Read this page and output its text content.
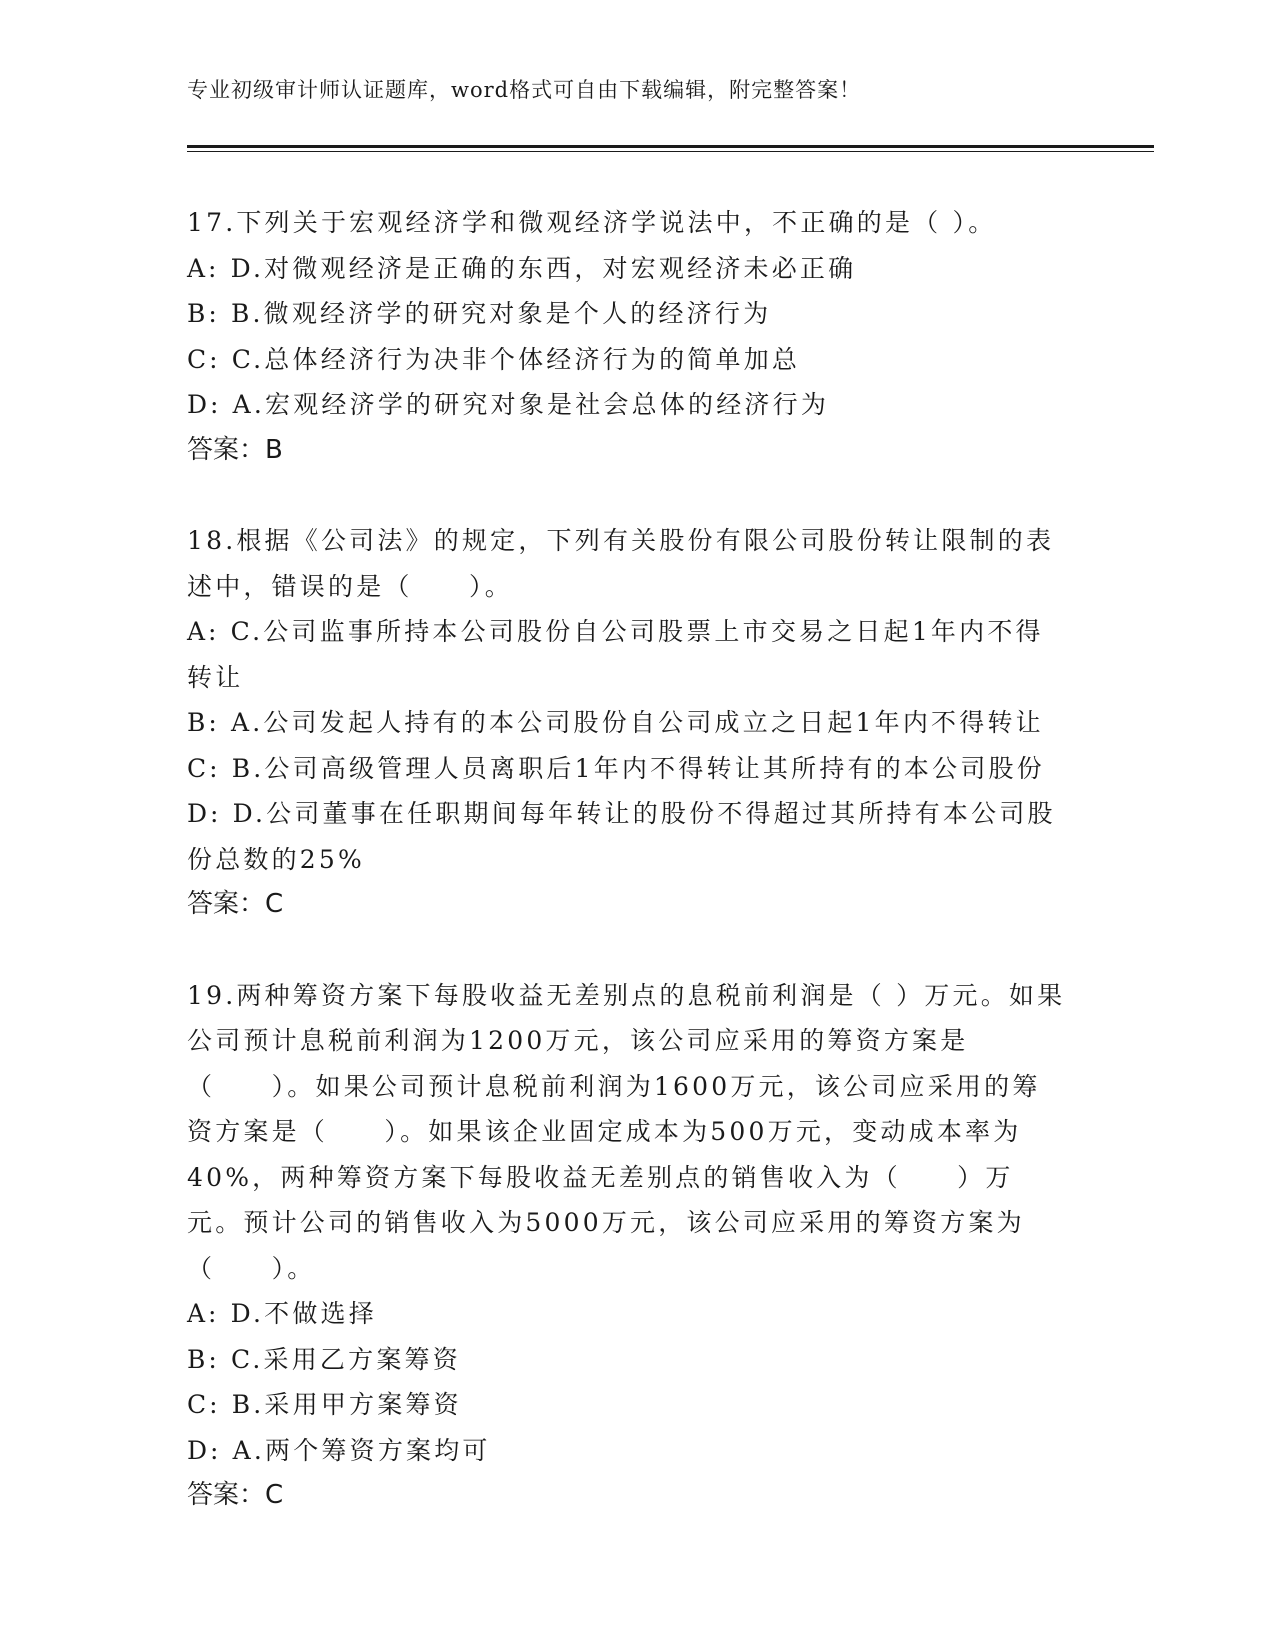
专业初级审计师认证题库，word格式可自由下载编辑，附完整答案！

17.下列关于宏观经济学和微观经济学说法中，不正确的是（ ）。

A: D.对微观经济是正确的东西，对宏观经济未必正确

B: B.微观经济学的研究对象是个人的经济行为

C: C.总体经济行为决非个体经济行为的简单加总

D: A.宏观经济学的研究对象是社会总体的经济行为

答案：B

18.根据《公司法》的规定，下列有关股份有限公司股份转让限制的表述中，错误的是（　　）。

A: C.公司监事所持本公司股份自公司股票上市交易之日起1年内不得转让

B: A.公司发起人持有的本公司股份自公司成立之日起1年内不得转让

C: B.公司高级管理人员离职后1年内不得转让其所持有的本公司股份

D: D.公司董事在任职期间每年转让的股份不得超过其所持有本公司股份总数的25%

答案：C

19.两种筹资方案下每股收益无差别点的息税前利润是（ ）万元。如果公司预计息税前利润为1200万元，该公司应采用的筹资方案是（　　）。如果公司预计息税前利润为1600万元，该公司应采用的筹资方案是（　　）。如果该企业固定成本为500万元，变动成本率为40%，两种筹资方案下每股收益无差别点的销售收入为（　　）万元。预计公司的销售收入为5000万元，该公司应采用的筹资方案为（　　）。

A: D.不做选择

B: C.采用乙方案筹资

C: B.采用甲方案筹资

D: A.两个筹资方案均可

答案：C
